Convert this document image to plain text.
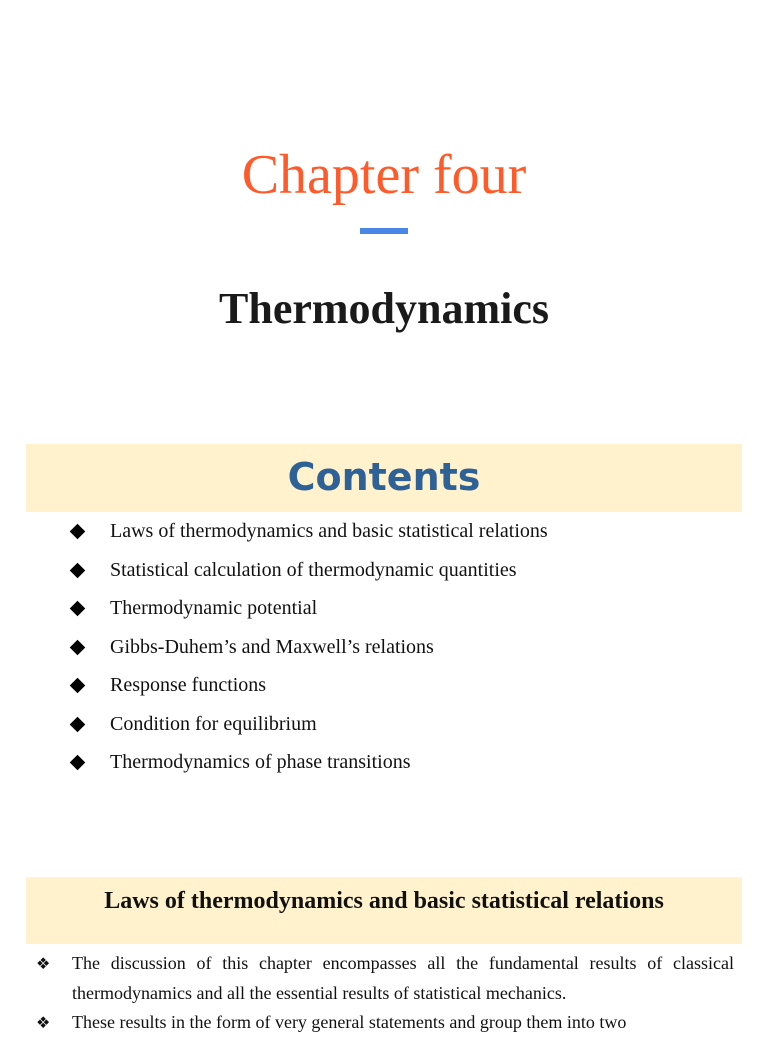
Chapter four
Thermodynamics
Contents
Laws of thermodynamics and basic statistical relations
Statistical calculation of thermodynamic quantities
Thermodynamic potential
Gibbs-Duhem’s and Maxwell’s relations
Response functions
Condition for equilibrium
Thermodynamics of phase transitions
Laws of thermodynamics and basic statistical relations
❖ The discussion of this chapter encompasses all the fundamental results of classical thermodynamics and all the essential results of statistical mechanics.
❖ These results in the form of very general statements and group them into two
